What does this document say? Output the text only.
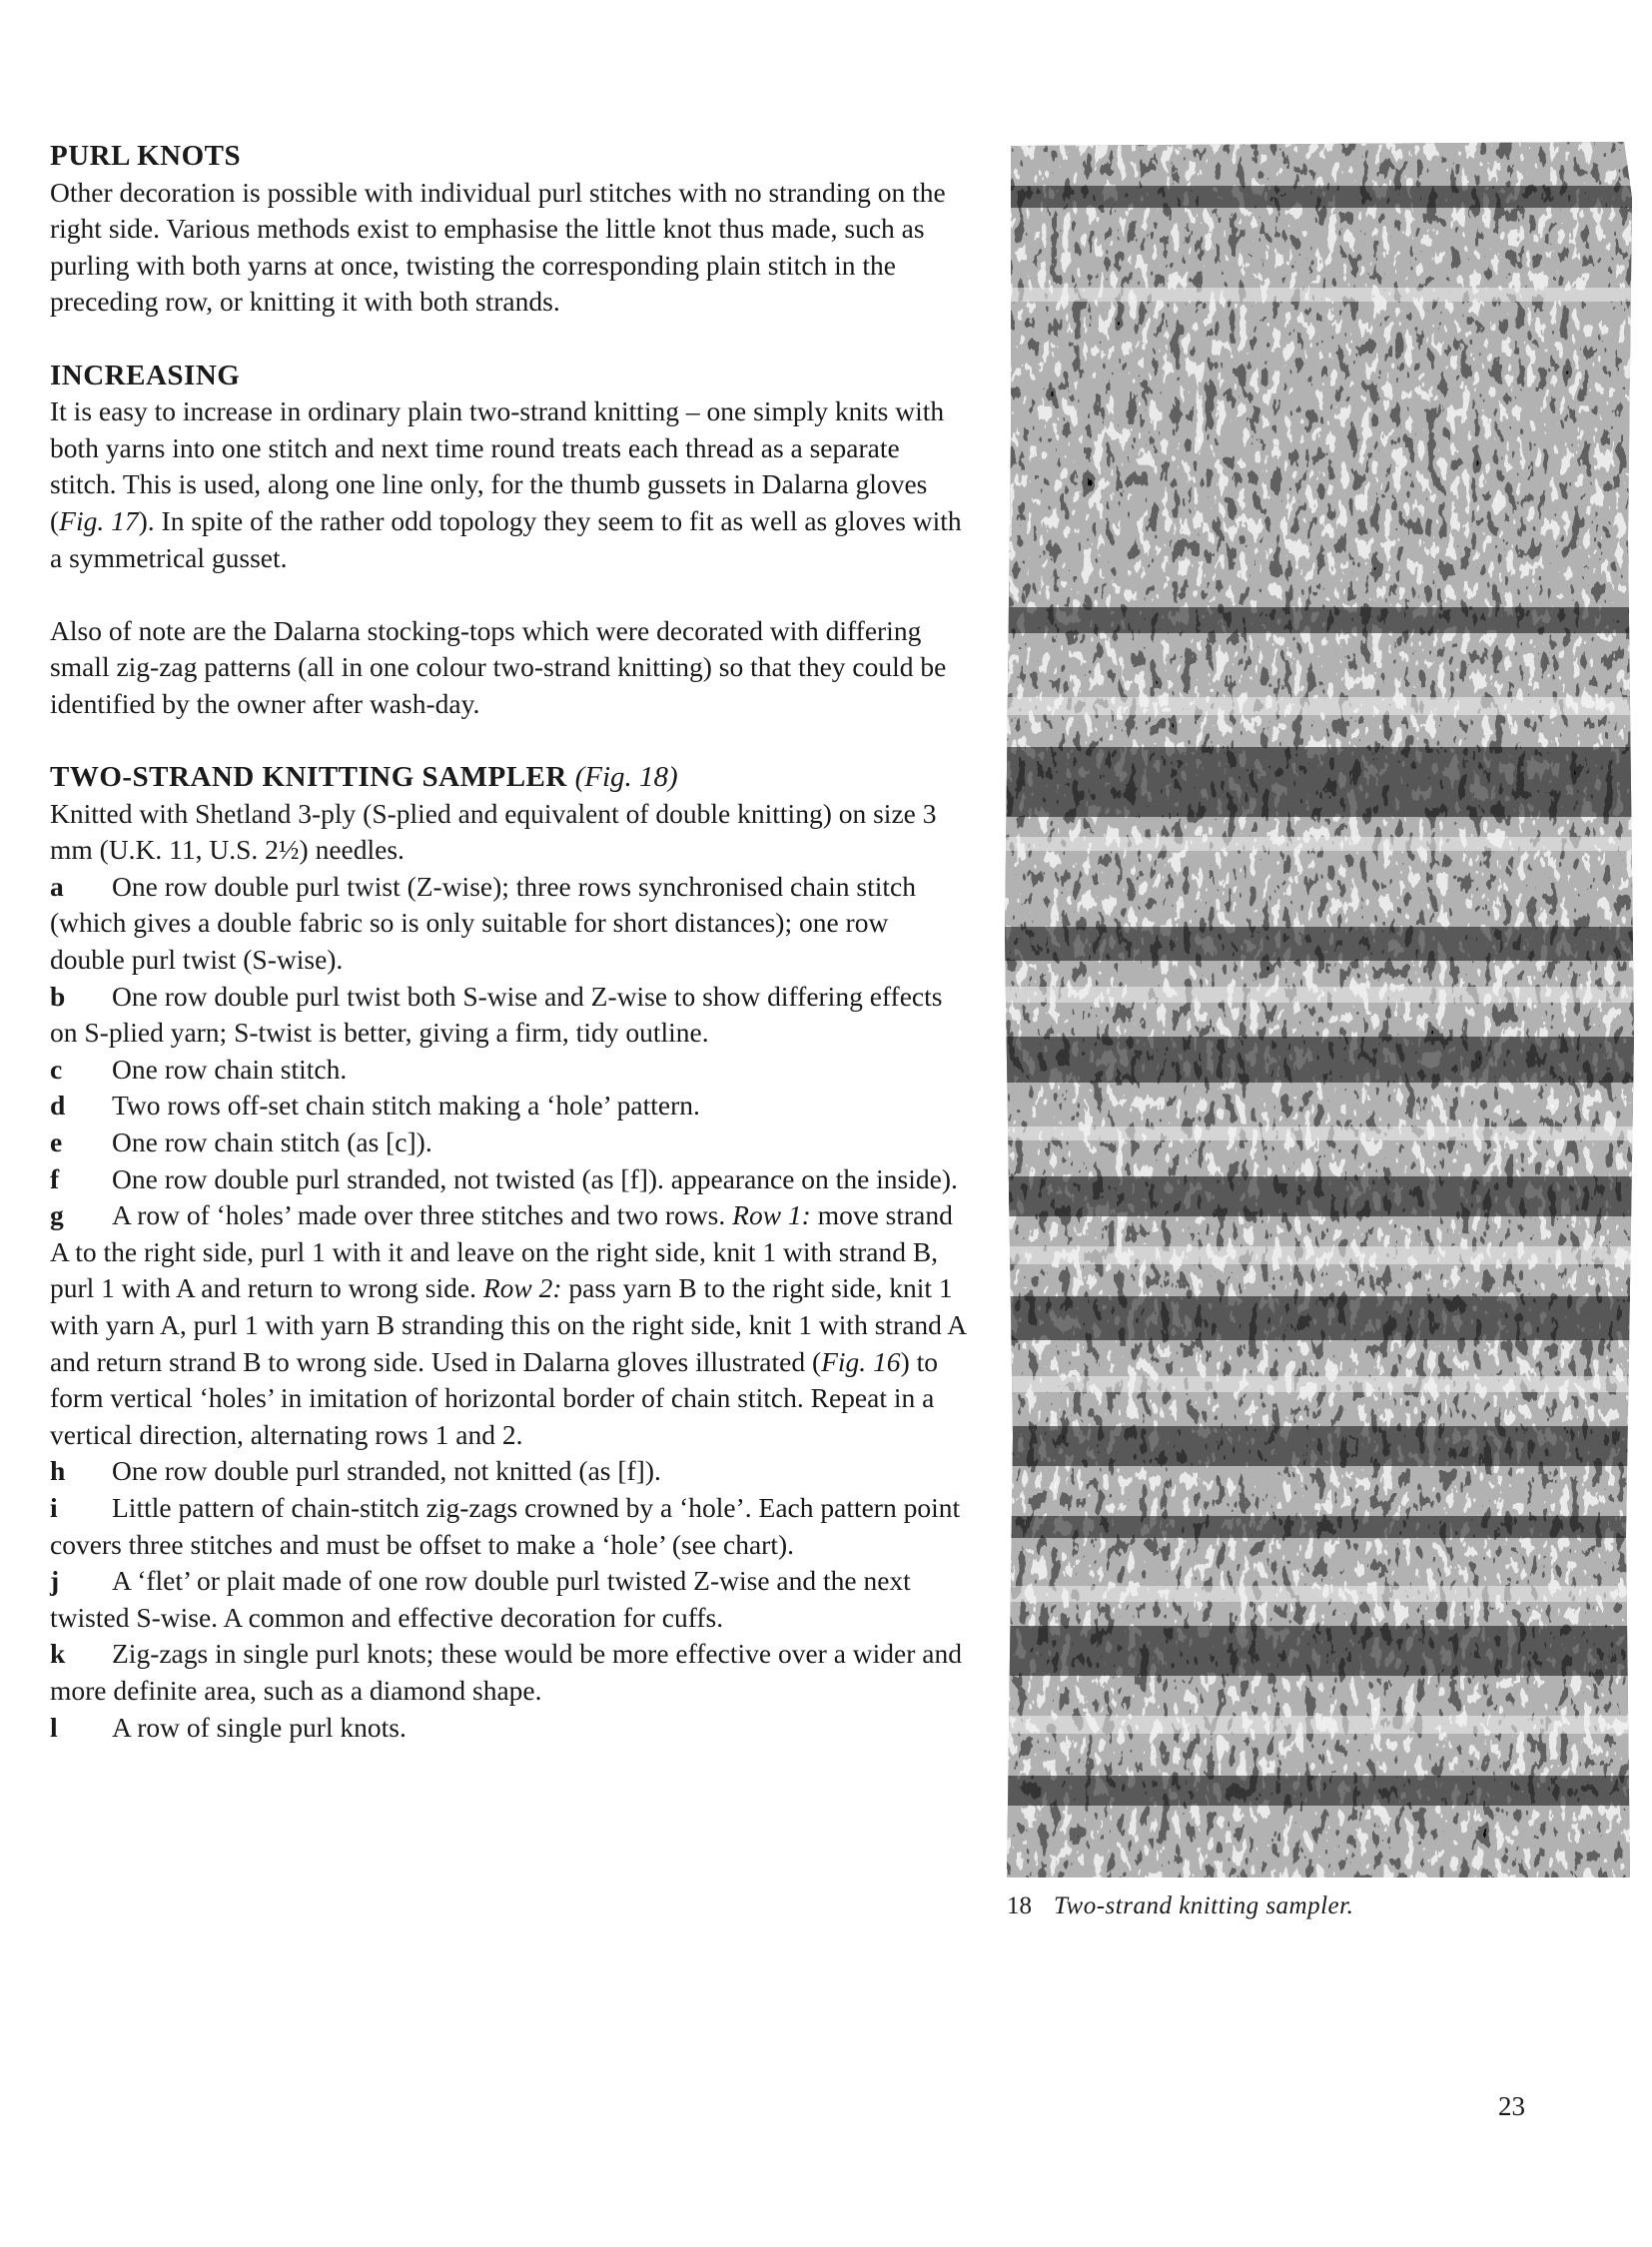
PURL KNOTS

Other decoration is possible with individual purl stitches with no stranding on the right side. Various methods exist to emphasise the little knot thus made, such as purling with both yarns at once, twisting the corresponding plain stitch in the preceding row, or knitting it with both strands.

INCREASING

It is easy to increase in ordinary plain two-strand knitting – one simply knits with both yarns into one stitch and next time round treats each thread as a separate stitch. This is used, along one line only, for the thumb gussets in Dalarna gloves (Fig. 17). In spite of the rather odd topology they seem to fit as well as gloves with a symmetrical gusset.

Also of note are the Dalarna stocking-tops which were decorated with differing small zig-zag patterns (all in one colour two-strand knitting) so that they could be identified by the owner after wash-day.

TWO-STRAND KNITTING SAMPLER (Fig. 18)

Knitted with Shetland 3-ply (S-plied and equivalent of double knitting) on size 3 mm (U.K. 11, U.S. 2½) needles.

a One row double purl twist (Z-wise); three rows synchronised chain stitch (which gives a double fabric so is only suitable for short distances); one row double purl twist (S-wise).

b One row double purl twist both S-wise and Z-wise to show differing effects on S-plied yarn; S-twist is better, giving a firm, tidy outline.

c One row chain stitch.

d Two rows off-set chain stitch making a ‘hole’ pattern.

e One row chain stitch (as [c]).

f One row double purl stranded, not twisted (as [f]). appearance on the inside).

g A row of ‘holes’ made over three stitches and two rows. Row 1: move strand A to the right side, purl 1 with it and leave on the right side, knit 1 with strand B, purl 1 with A and return to wrong side. Row 2: pass yarn B to the right side, knit 1 with yarn A, purl 1 with yarn B stranding this on the right side, knit 1 with strand A and return strand B to wrong side. Used in Dalarna gloves illustrated (Fig. 16) to form vertical ‘holes’ in imitation of horizontal border of chain stitch. Repeat in a vertical direction, alternating rows 1 and 2.

h One row double purl stranded, not knitted (as [f]).

i Little pattern of chain-stitch zig-zags crowned by a ‘hole’. Each pattern point covers three stitches and must be offset to make a ‘hole’ (see chart).

j A ‘flet’ or plait made of one row double purl twisted Z-wise and the next twisted S-wise. A common and effective decoration for cuffs.

k Zig-zags in single purl knots; these would be more effective over a wider and more definite area, such as a diamond shape.

l A row of single purl knots.

18 Two-strand knitting sampler.
23
